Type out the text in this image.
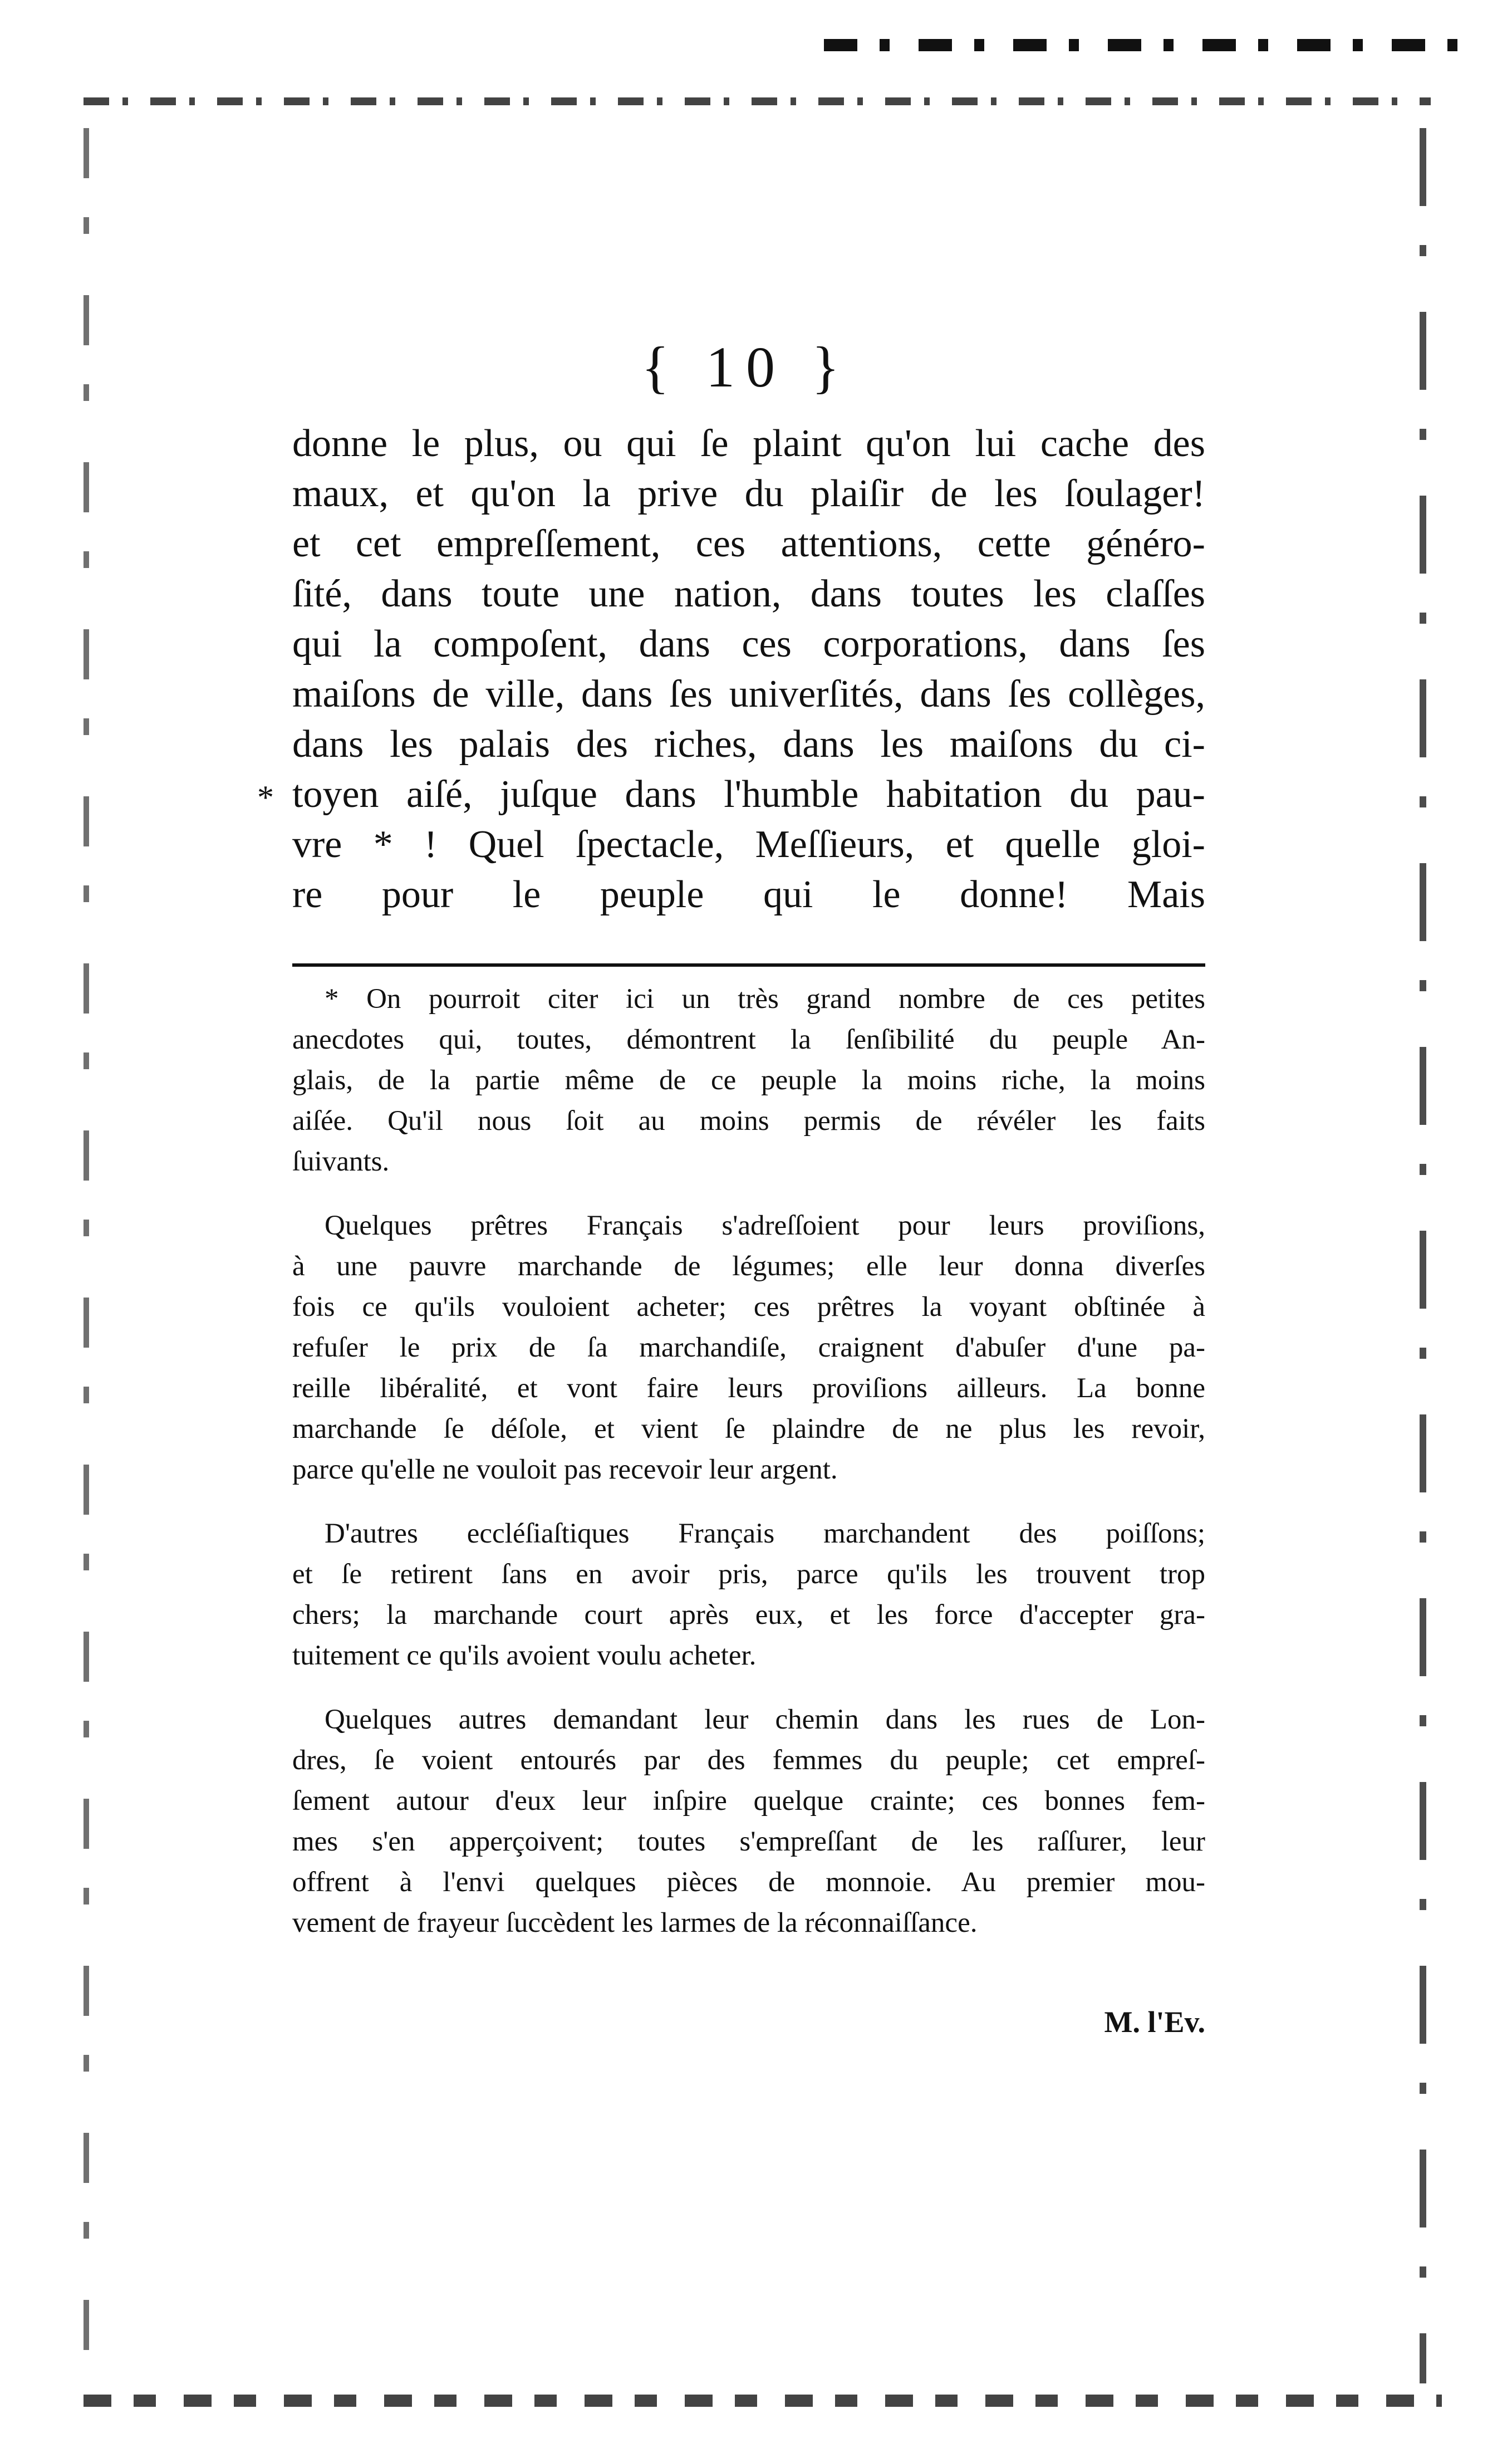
{ 10 }
*
donne le plus, ou qui ſe plaint qu'on lui cache des
maux, et qu'on la prive du plaiſir de les ſoulager!
et cet empreſſement, ces attentions, cette généro-
ſité, dans toute une nation, dans toutes les claſſes
qui la compoſent, dans ces corporations, dans ſes
maiſons de ville, dans ſes univerſités, dans ſes collèges,
dans les palais des riches, dans les maiſons du ci-
toyen aiſé, juſque dans l'humble habitation du pau-
vre * ! Quel ſpectacle, Meſſieurs, et quelle gloi-
re pour le peuple qui le donne! Mais
* On pourroit citer ici un très grand nombre de ces petites
anecdotes qui, toutes, démontrent la ſenſibilité du peuple An-
glais, de la partie même de ce peuple la moins riche, la moins
aiſée. Qu'il nous ſoit au moins permis de révéler les faits
ſuivants.
Quelques prêtres Français s'adreſſoient pour leurs proviſions,
à une pauvre marchande de légumes; elle leur donna diverſes
fois ce qu'ils vouloient acheter; ces prêtres la voyant obſtinée à
refuſer le prix de ſa marchandiſe, craignent d'abuſer d'une pa-
reille libéralité, et vont faire leurs proviſions ailleurs. La bonne
marchande ſe déſole, et vient ſe plaindre de ne plus les revoir,
parce qu'elle ne vouloit pas recevoir leur argent.
D'autres eccléſiaſtiques Français marchandent des poiſſons;
et ſe retirent ſans en avoir pris, parce qu'ils les trouvent trop
chers; la marchande court après eux, et les force d'accepter gra-
tuitement ce qu'ils avoient voulu acheter.
Quelques autres demandant leur chemin dans les rues de Lon-
dres, ſe voient entourés par des femmes du peuple; cet empreſ-
ſement autour d'eux leur inſpire quelque crainte; ces bonnes fem-
mes s'en apperçoivent; toutes s'empreſſant de les raſſurer, leur
offrent à l'envi quelques pièces de monnoie. Au premier mou-
vement de frayeur ſuccèdent les larmes de la réconnaiſſance.
M. l'Ev.
